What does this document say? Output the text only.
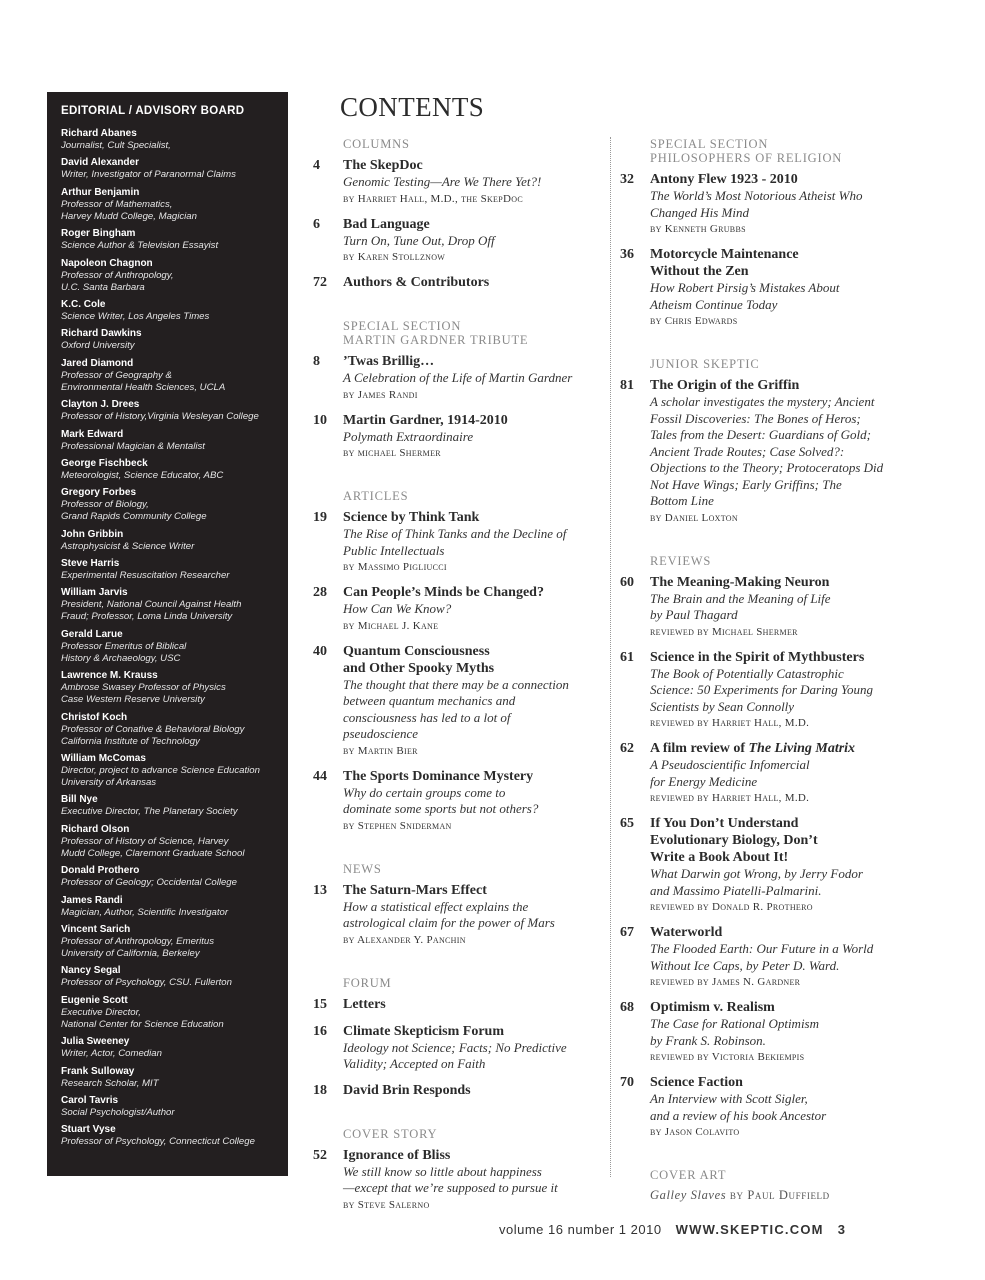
EDITORIAL / ADVISORY BOARD
Richard Abanes
Journalist, Cult Specialist,
David Alexander
Writer, Investigator of Paranormal Claims
Arthur Benjamin
Professor of Mathematics,
Harvey Mudd College, Magician
Roger Bingham
Science Author & Television Essayist
Napoleon Chagnon
Professor of Anthropology,
U.C. Santa Barbara
K.C. Cole
Science Writer, Los Angeles Times
Richard Dawkins
Oxford University
Jared Diamond
Professor of Geography &
Environmental Health Sciences, UCLA
Clayton J. Drees
Professor of History,Virginia Wesleyan College
Mark Edward
Professional Magician & Mentalist
George Fischbeck
Meteorologist, Science Educator, ABC
Gregory Forbes
Professor of Biology,
Grand Rapids Community College
John Gribbin
Astrophysicist & Science Writer
Steve Harris
Experimental Resuscitation Researcher
William Jarvis
President, National Council Against Health
Fraud; Professor, Loma Linda University
Gerald Larue
Professor Emeritus of Biblical
History & Archaeology, USC
Lawrence M. Krauss
Ambrose Swasey Professor of Physics
Case Western Reserve University
Christof Koch
Professor of Conative & Behavioral Biology
California Institute of Technology
William McComas
Director, project to advance Science Education
University of Arkansas
Bill Nye
Executive Director, The Planetary Society
Richard Olson
Professor of History of Science, Harvey
Mudd College, Claremont Graduate School
Donald Prothero
Professor of Geology; Occidental College
James Randi
Magician, Author, Scientific Investigator
Vincent Sarich
Professor of Anthropology, Emeritus
University of California, Berkeley
Nancy Segal
Professor of Psychology, CSU. Fullerton
Eugenie Scott
Executive Director,
National Center for Science Education
Julia Sweeney
Writer, Actor, Comedian
Frank Sulloway
Research Scholar, MIT
Carol Tavris
Social Psychologist/Author
Stuart Vyse
Professor of Psychology, Connecticut College
CONTENTS
COLUMNS
4 The SkepDoc
Genomic Testing—Are We There Yet?!
by Harriet Hall, M.D., the SkepDoc
6 Bad Language
Turn On, Tune Out, Drop Off
by Karen Stollznow
72 Authors & Contributors
SPECIAL SECTION
MARTIN GARDNER TRIBUTE
8 ’Twas Brillig…
A Celebration of the Life of Martin Gardner
by James Randi
10 Martin Gardner, 1914-2010
Polymath Extraordinaire
by michael Shermer
ARTICLES
19 Science by Think Tank
The Rise of Think Tanks and the Decline of
Public Intellectuals
by Massimo Pigliucci
28 Can People’s Minds be Changed?
How Can We Know?
by Michael J. Kane
40 Quantum Consciousness
and Other Spooky Myths
The thought that there may be a connection
between quantum mechanics and
consciousness has led to a lot of
pseudoscience
by Martin Bier
44 The Sports Dominance Mystery
Why do certain groups come to
dominate some sports but not others?
by Stephen Sniderman
NEWS
13 The Saturn-Mars Effect
How a statistical effect explains the
astrological claim for the power of Mars
by Alexander Y. Panchin
FORUM
15 Letters
16 Climate Skepticism Forum
Ideology not Science; Facts; No Predictive
Validity; Accepted on Faith
18 David Brin Responds
COVER STORY
52 Ignorance of Bliss
We still know so little about happiness
—except that we’re supposed to pursue it
by Steve Salerno
SPECIAL SECTION
PHILOSOPHERS OF RELIGION
32 Antony Flew 1923 - 2010
The World’s Most Notorious Atheist Who
Changed His Mind
by Kenneth Grubbs
36 Motorcycle Maintenance
Without the Zen
How Robert Pirsig’s Mistakes About
Atheism Continue Today
by Chris Edwards
JUNIOR SKEPTIC
81 The Origin of the Griffin
A scholar investigates the mystery; Ancient
Fossil Discoveries: The Bones of Heros;
Tales from the Desert: Guardians of Gold;
Ancient Trade Routes; Case Solved?:
Objections to the Theory; Protoceratops Did
Not Have Wings; Early Griffins; The
Bottom Line
by Daniel Loxton
REVIEWS
60 The Meaning-Making Neuron
The Brain and the Meaning of Life
by Paul Thagard
reviewed by Michael Shermer
61 Science in the Spirit of Mythbusters
The Book of Potentially Catastrophic
Science: 50 Experiments for Daring Young
Scientists by Sean Connolly
reviewed by Harriet Hall, M.D.
62 A film review of The Living Matrix
A Pseudoscientific Infomercial
for Energy Medicine
reviewed by Harriet Hall, M.D.
65 If You Don’t Understand
Evolutionary Biology, Don’t
Write a Book About It!
What Darwin got Wrong, by Jerry Fodor
and Massimo Piatelli-Palmarini.
reviewed by Donald R. Prothero
67 Waterworld
The Flooded Earth: Our Future in a World
Without Ice Caps, by Peter D. Ward.
reviewed by James N. Gardner
68 Optimism v. Realism
The Case for Rational Optimism
by Frank S. Robinson.
reviewed by Victoria Bekiempis
70 Science Faction
An Interview with Scott Sigler,
and a review of his book Ancestor
by Jason Colavito
COVER ART
Galley Slaves by Paul Duffield
volume 16 number 1 2010 WWW.SKEPTIC.COM 3
